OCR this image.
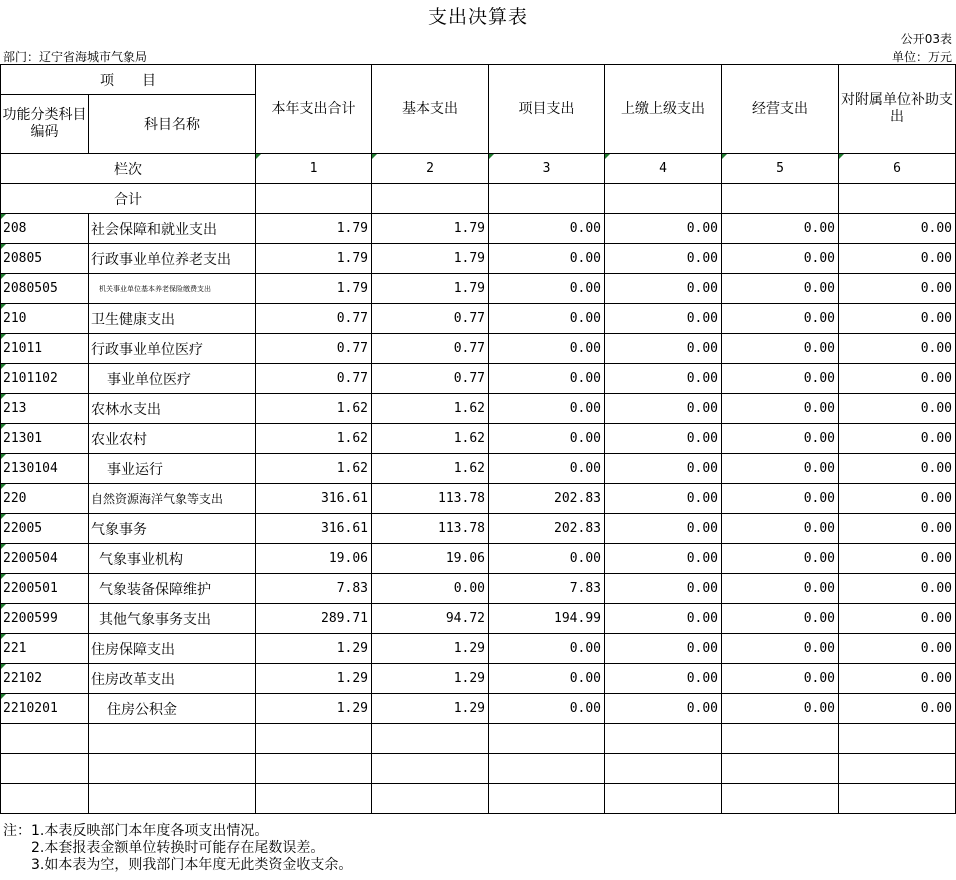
支出决算表
公开03表
部门：辽宁省海城市气象局	单位：万元
项　　目		本年支出合计	基本支出	项目支出	上缴上级支出	经营支出	对附属单位补助支出
功能分类科目编码	科目名称						

栏次		1	2	3	4	5	6
合计							
208	社会保障和就业支出	1.79	1.79	0.00	0.00	0.00	0.00
20805	行政事业单位养老支出	1.79	1.79	0.00	0.00	0.00	0.00
2080505	机关事业单位基本养老保险缴费支出	1.79	1.79	0.00	0.00	0.00	0.00
210	卫生健康支出	0.77	0.77	0.00	0.00	0.00	0.00
21011	行政事业单位医疗	0.77	0.77	0.00	0.00	0.00	0.00
2101102	事业单位医疗	0.77	0.77	0.00	0.00	0.00	0.00
213	农林水支出	1.62	1.62	0.00	0.00	0.00	0.00
21301	农业农村	1.62	1.62	0.00	0.00	0.00	0.00
2130104	事业运行	1.62	1.62	0.00	0.00	0.00	0.00
220	自然资源海洋气象等支出	316.61	113.78	202.83	0.00	0.00	0.00
22005	气象事务	316.61	113.78	202.83	0.00	0.00	0.00
2200504	气象事业机构	19.06	19.06	0.00	0.00	0.00	0.00
2200501	气象装备保障维护	7.83	0.00	7.83	0.00	0.00	0.00
2200599	其他气象事务支出	289.71	94.72	194.99	0.00	0.00	0.00
221	住房保障支出	1.29	1.29	0.00	0.00	0.00	0.00
22102	住房改革支出	1.29	1.29	0.00	0.00	0.00	0.00
2210201	住房公积金	1.29	1.29	0.00	0.00	0.00	0.00

注：1.本表反映部门本年度各项支出情况。
2.本套报表金额单位转换时可能存在尾数误差。
3.如本表为空，则我部门本年度无此类资金收支余。
